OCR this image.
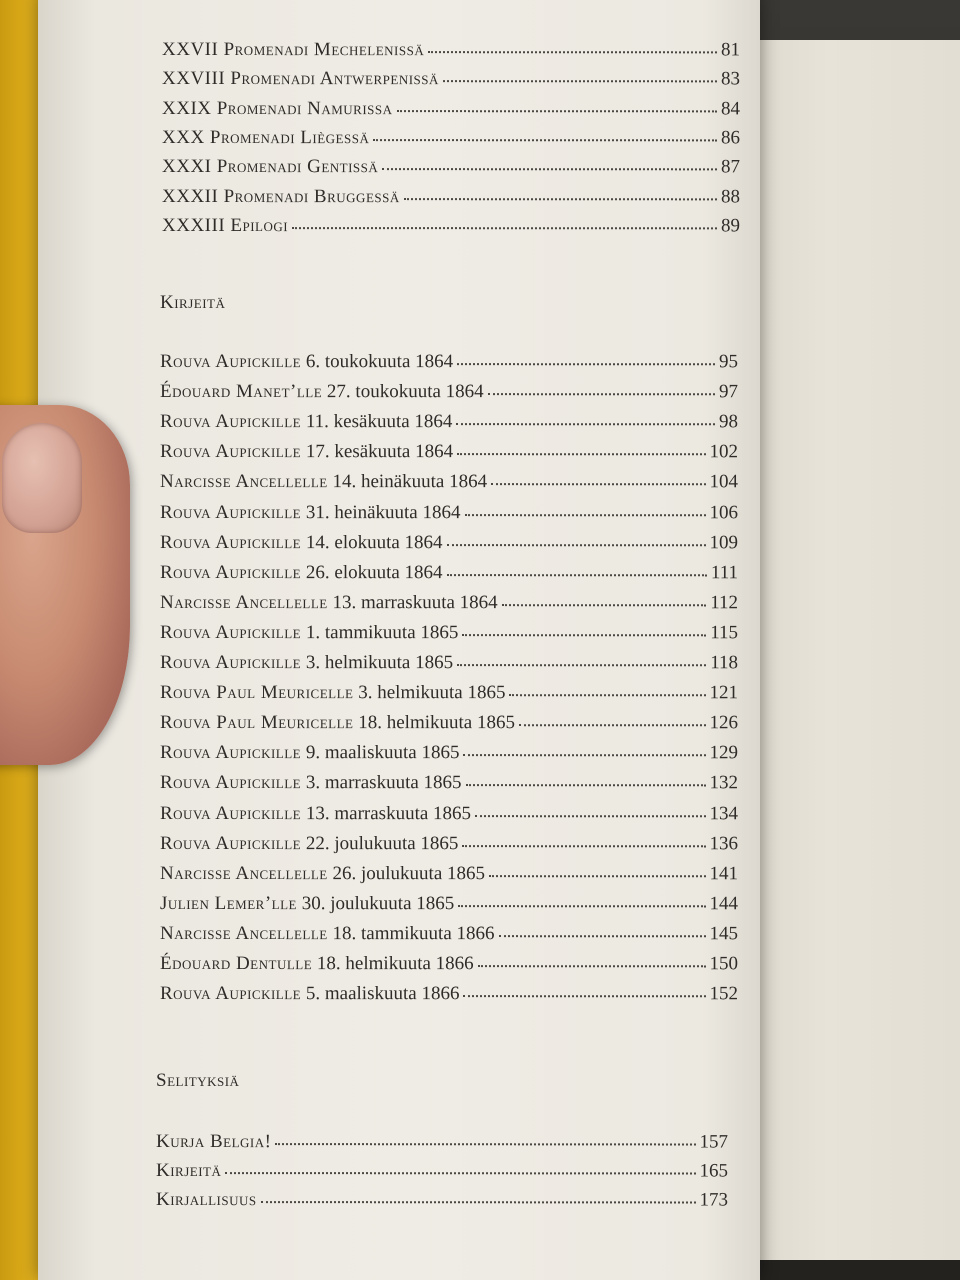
XXVII Promenadi Mechelenissä	81
XXVIII Promenadi Antwerpenissä	83
XXIX Promenadi Namurissa	84
XXX Promenadi Liègessä	86
XXXI Promenadi Gentissä	87
XXXII Promenadi Bruggessä	88
XXXIII Epilogi	89
Kirjeitä
Rouva Aupickille 6. toukokuuta 1864	95
Édouard Manet’lle 27. toukokuuta 1864	97
Rouva Aupickille 11. kesäkuuta 1864	98
Rouva Aupickille 17. kesäkuuta 1864	102
Narcisse Ancellelle 14. heinäkuuta 1864	104
Rouva Aupickille 31. heinäkuuta 1864	106
Rouva Aupickille 14. elokuuta 1864	109
Rouva Aupickille 26. elokuuta 1864	111
Narcisse Ancellelle 13. marraskuuta 1864	112
Rouva Aupickille 1. tammikuuta 1865	115
Rouva Aupickille 3. helmikuuta 1865	118
Rouva Paul Meuricelle 3. helmikuuta 1865	121
Rouva Paul Meuricelle 18. helmikuuta 1865	126
Rouva Aupickille 9. maaliskuuta 1865	129
Rouva Aupickille 3. marraskuuta 1865	132
Rouva Aupickille 13. marraskuuta 1865	134
Rouva Aupickille 22. joulukuuta 1865	136
Narcisse Ancellelle 26. joulukuuta 1865	141
Julien Lemer’lle 30. joulukuuta 1865	144
Narcisse Ancellelle 18. tammikuuta 1866	145
Édouard Dentulle 18. helmikuuta 1866	150
Rouva Aupickille 5. maaliskuuta 1866	152
Selityksiä
Kurja Belgia!	157
Kirjeitä	165
Kirjallisuus	173
